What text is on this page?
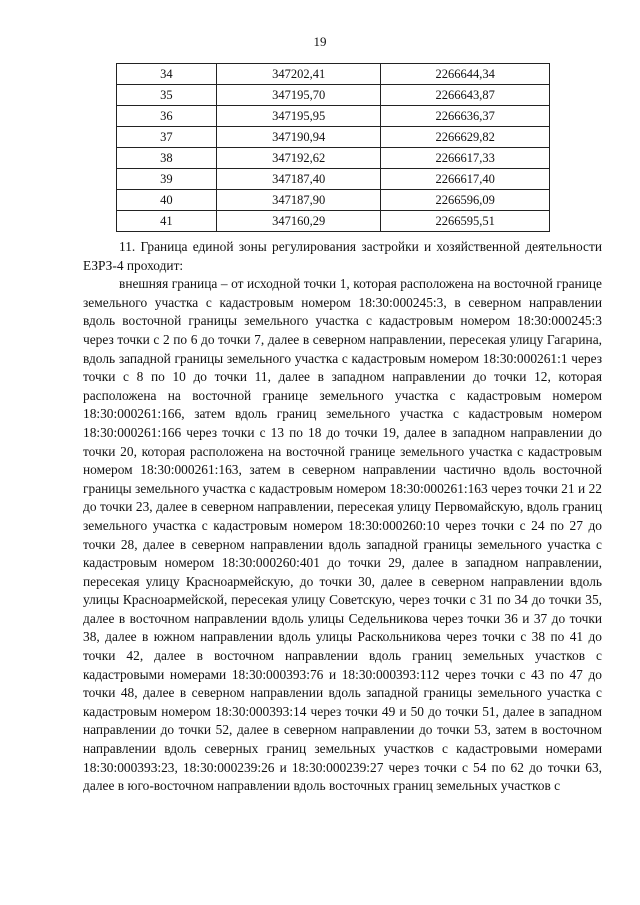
19
34	347202,41	2266644,34
35	347195,70	2266643,87
36	347195,95	2266636,37
37	347190,94	2266629,82
38	347192,62	2266617,33
39	347187,40	2266617,40
40	347187,90	2266596,09
41	347160,29	2266595,51

11. Граница единой зоны регулирования застройки и хозяйственной деятельности ЕЗРЗ-4 проходит:

внешняя граница – от исходной точки 1, которая расположена на восточной границе земельного участка с кадастровым номером 18:30:000245:3, в северном направлении вдоль восточной границы земельного участка с кадастровым номером 18:30:000245:3 через точки с 2 по 6 до точки 7, далее в северном направлении, пересекая улицу Гагарина, вдоль западной границы земельного участка с кадастровым номером 18:30:000261:1 через точки с 8 по 10 до точки 11, далее в западном направлении до точки 12, которая расположена на восточной границе земельного участка с кадастровым номером 18:30:000261:166, затем вдоль границ земельного участка с кадастровым номером 18:30:000261:166 через точки с 13 по 18 до точки 19, далее в западном направлении до точки 20, которая расположена на восточной границе земельного участка с кадастровым номером 18:30:000261:163, затем в северном направлении частично вдоль восточной границы земельного участка с кадастровым номером 18:30:000261:163 через точки 21 и 22 до точки 23, далее в северном направлении, пересекая улицу Первомайскую, вдоль границ земельного участка с кадастровым номером 18:30:000260:10 через точки с 24 по 27 до точки 28, далее в северном направлении вдоль западной границы земельного участка с кадастровым номером 18:30:000260:401 до точки 29, далее в западном направлении, пересекая улицу Красноармейскую, до точки 30, далее в северном направлении вдоль улицы Красноармейской, пересекая улицу Советскую, через точки с 31 по 34 до точки 35, далее в восточном направлении вдоль улицы Седельникова через точки 36 и 37 до точки 38, далее в южном направлении вдоль улицы Раскольникова через точки с 38 по 41 до точки 42, далее в восточном направлении вдоль границ земельных участков с кадастровыми номерами 18:30:000393:76 и 18:30:000393:112 через точки с 43 по 47 до точки 48, далее в северном направлении вдоль западной границы земельного участка с кадастровым номером 18:30:000393:14 через точки 49 и 50 до точки 51, далее в западном направлении до точки 52, далее в северном направлении до точки 53, затем в восточном направлении вдоль северных границ земельных участков с кадастровыми номерами 18:30:000393:23, 18:30:000239:26 и 18:30:000239:27 через точки с 54 по 62 до точки 63, далее в юго-восточном направлении вдоль восточных границ земельных участков с
